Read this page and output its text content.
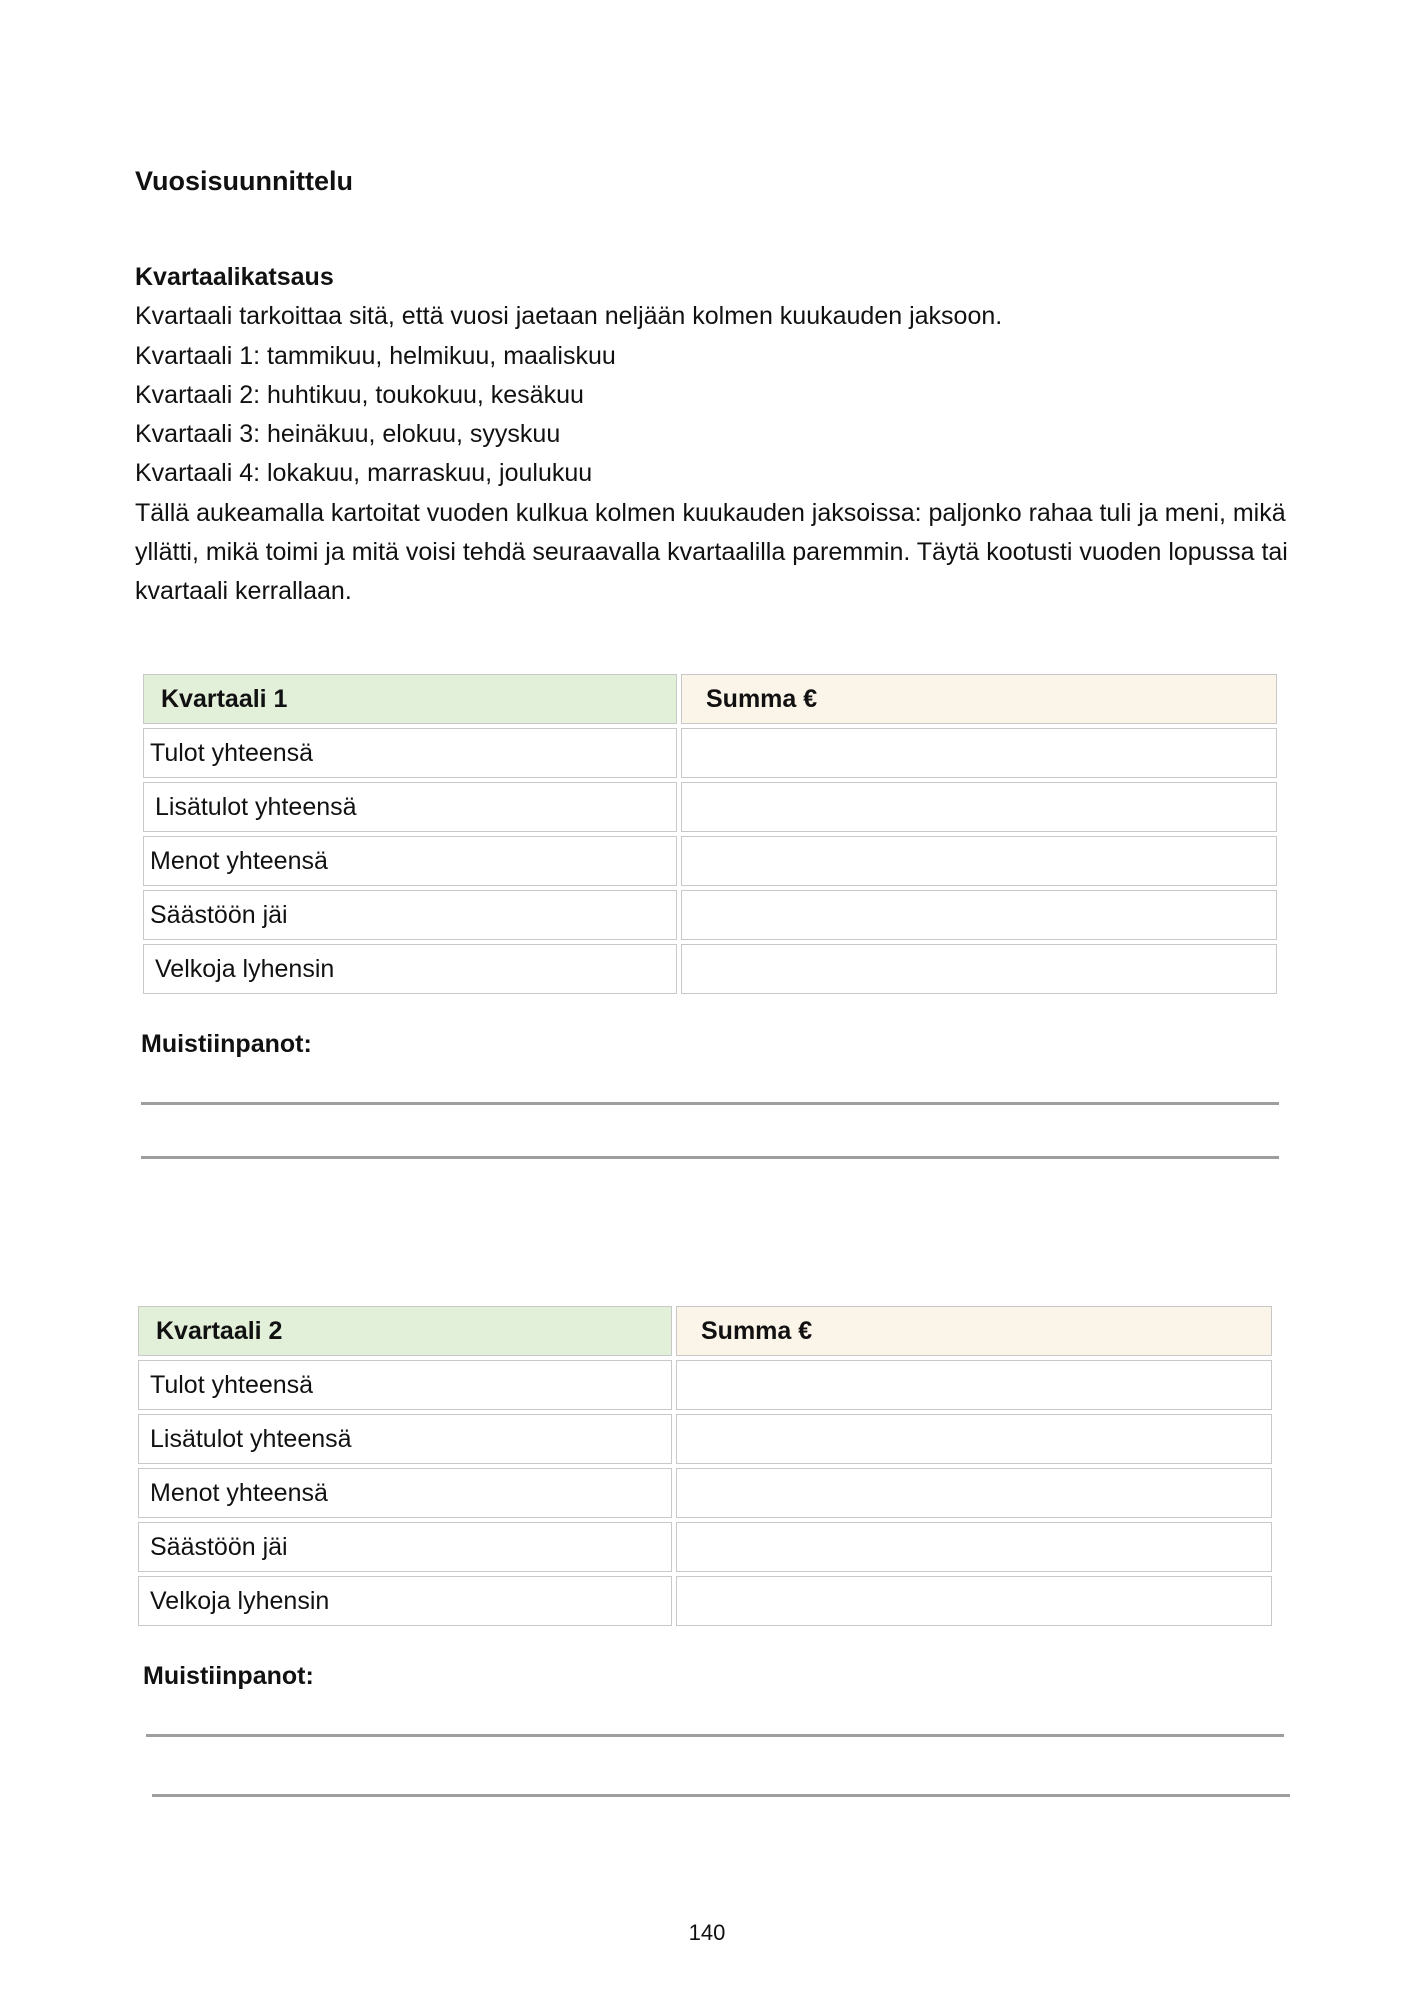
Vuosisuunnittelu

Kvartaalikatsaus

Kvartaali tarkoittaa sitä, että vuosi jaetaan neljään kolmen kuukauden jaksoon.

Kvartaali 1: tammikuu, helmikuu, maaliskuu

Kvartaali 2: huhtikuu, toukokuu, kesäkuu

Kvartaali 3: heinäkuu, elokuu, syyskuu

Kvartaali 4: lokakuu, marraskuu, joulukuu

Tällä aukeamalla kartoitat vuoden kulkua kolmen kuukauden jaksoissa: paljonko rahaa tuli ja meni, mikä yllätti, mikä toimi ja mitä voisi tehdä seuraavalla kvartaalilla paremmin. Täytä kootusti vuoden lopussa tai kvartaali kerrallaan.

Kvartaali 1	Summa €
Tulot yhteensä	
Lisätulot yhteensä	
Menot yhteensä	
Säästöön jäi	
Velkoja lyhensin	
Muistiinpanot:
Kvartaali 2	Summa €
Tulot yhteensä	
Lisätulot yhteensä	
Menot yhteensä	
Säästöön jäi	
Velkoja lyhensin	
Muistiinpanot:
140
